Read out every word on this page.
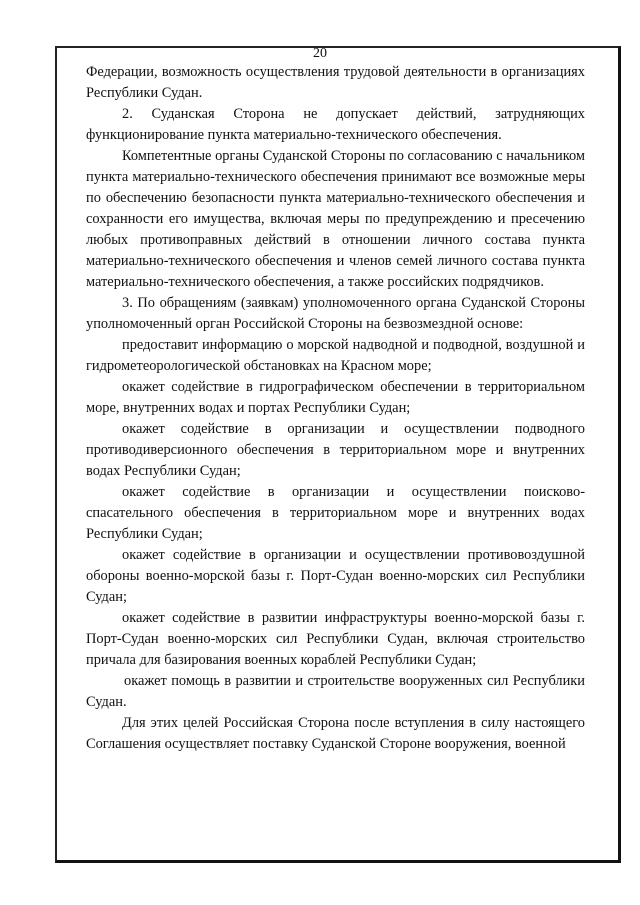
20

Федерации, возможность осуществления трудовой деятельности в организациях Республики Судан.

2. Суданская Сторона не допускает действий, затрудняющих функционирование пункта материально-технического обеспечения.

Компетентные органы Суданской Стороны по согласованию с начальником пункта материально-технического обеспечения принимают все возможные меры по обеспечению безопасности пункта материально-технического обеспечения и сохранности его имущества, включая меры по предупреждению и пресечению любых противоправных действий в отношении личного состава пункта материально-технического обеспечения и членов семей личного состава пункта материально-технического обеспечения, а также российских подрядчиков.

3. По обращениям (заявкам) уполномоченного органа Суданской Стороны уполномоченный орган Российской Стороны на безвозмездной основе:

предоставит информацию о морской надводной и подводной, воздушной и гидрометеорологической обстановках на Красном море;

окажет содействие в гидрографическом обеспечении в территориальном море, внутренних водах и портах Республики Судан;

окажет содействие в организации и осуществлении подводного противодиверсионного обеспечения в территориальном море и внутренних водах Республики Судан;

окажет содействие в организации и осуществлении поисково-спасательного обеспечения в территориальном море и внутренних водах Республики Судан;

окажет содействие в организации и осуществлении противовоздушной обороны военно-морской базы г. Порт-Судан военно-морских сил Республики Судан;

окажет содействие в развитии инфраструктуры военно-морской базы г. Порт-Судан военно-морских сил Республики Судан, включая строительство причала для базирования военных кораблей Республики Судан;

окажет помощь в развитии и строительстве вооруженных сил Республики Судан.

Для этих целей Российская Сторона после вступления в силу настоящего Соглашения осуществляет поставку Суданской Стороне вооружения, военной
